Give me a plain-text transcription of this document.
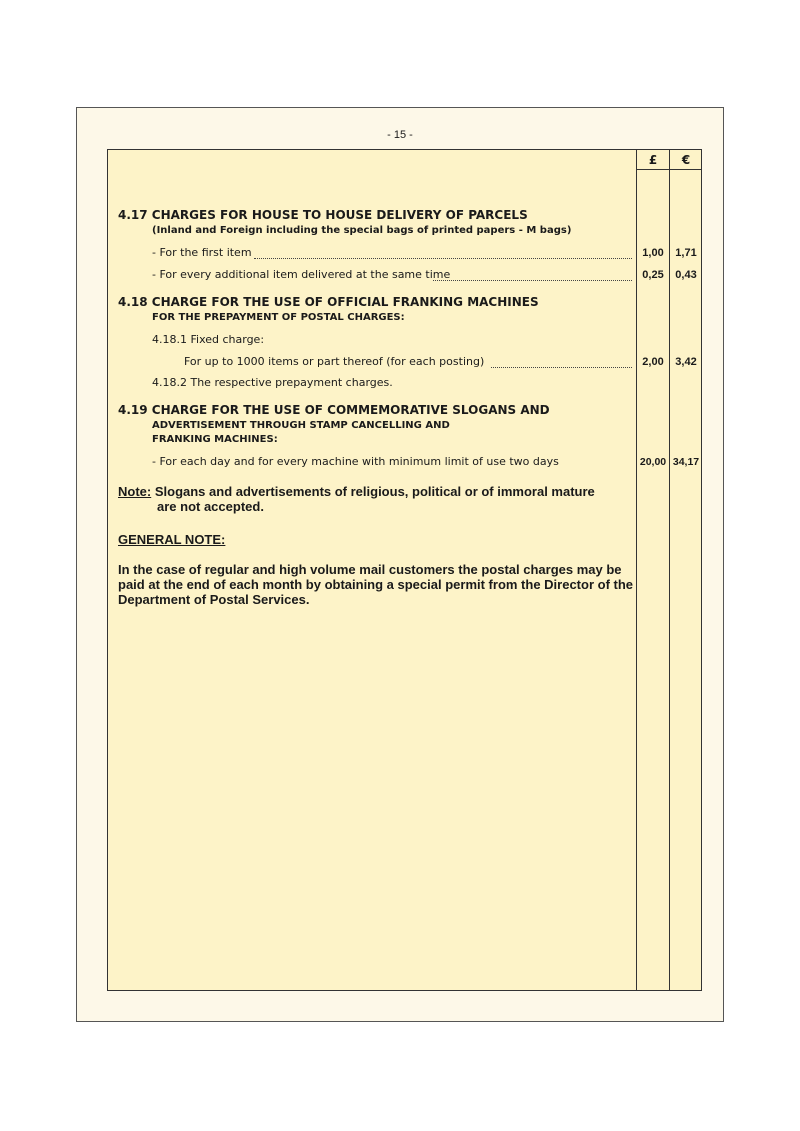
- 15 -
£	€
4.17 CHARGES FOR HOUSE TO HOUSE DELIVERY OF PARCELS
(Inland and Foreign including the special bags of printed papers - M bags)
- For the first item	1,00	1,71
- For every additional item delivered at the same time	0,25	0,43
4.18 CHARGE FOR THE USE OF OFFICIAL FRANKING MACHINES
FOR THE PREPAYMENT OF POSTAL CHARGES:
4.18.1 Fixed charge:
For up to 1000 items or part thereof (for each posting)	2,00	3,42
4.18.2 The respective prepayment charges.
4.19 CHARGE FOR THE USE OF COMMEMORATIVE SLOGANS AND
ADVERTISEMENT THROUGH STAMP CANCELLING AND
FRANKING MACHINES:
- For each day and for every machine with minimum limit of use two days	20,00 34,17
Note: Slogans and advertisements of religious, political or of immoral mature
are not accepted.
GENERAL NOTE:
In the case of regular and high volume mail customers the postal charges may be paid at the end of each month by obtaining a special permit from the Director of the Department of Postal Services.
